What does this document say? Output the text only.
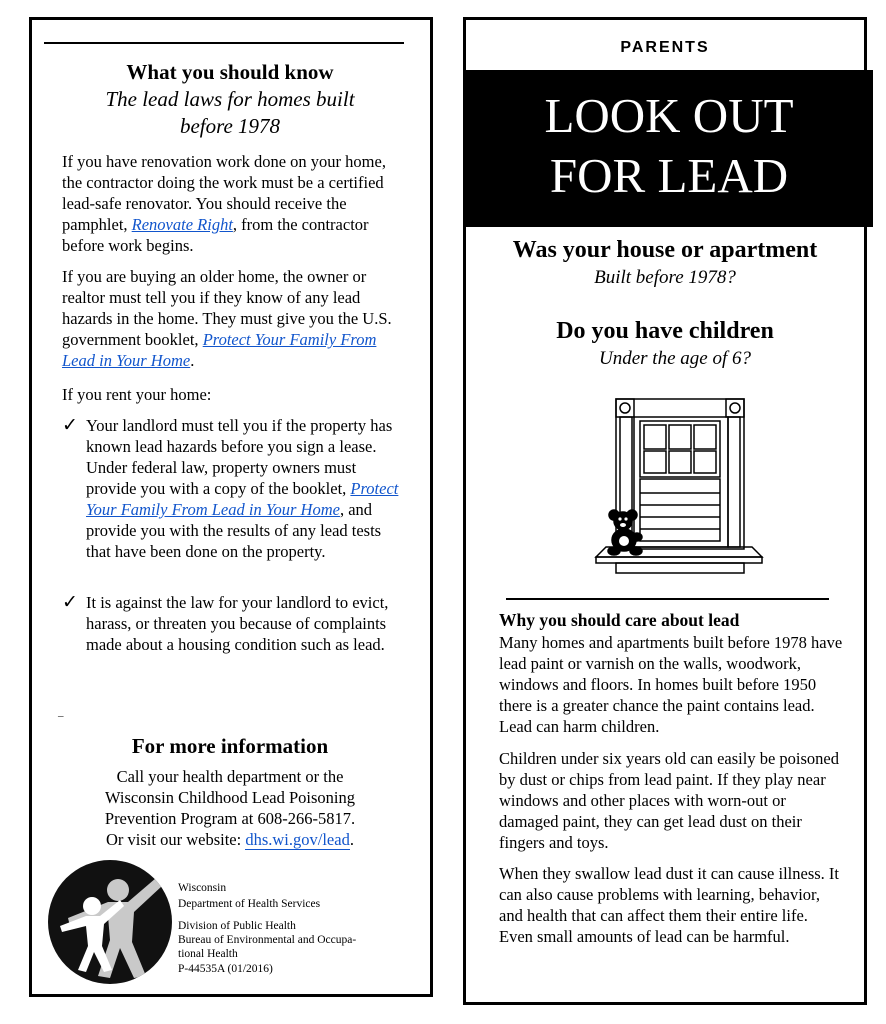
What you should know
The lead laws for homes built
before 1978

If you have renovation work done on your home, the contractor doing the work must be a certified lead-safe renovator. You should receive the pamphlet, Renovate Right, from the contractor before work begins.

If you are buying an older home, the owner or realtor must tell you if they know of any lead hazards in the home. They must give you the U.S. government booklet, Protect Your Family From Lead in Your Home.

If you rent your home:

✓ Your landlord must tell you if the property has known lead hazards before you sign a lease. Under federal law, property owners must provide you with a copy of the booklet, Protect Your Family From Lead in Your Home, and provide you with the results of any lead tests that have been done on the property.
✓ It is against the law for your landlord to evict, harass, or threaten you because of complaints made about a housing condition such as lead.
–
For more information
Call your health department or the
Wisconsin Childhood Lead Poisoning
Prevention Program at 608-266-5817.
Or visit our website: dhs.wi.gov/lead.
Wisconsin
Department of Health Services
Division of Public Health
Bureau of Environmental and Occupa-
tional Health
P-44535A (01/2016)
PARENTS
LOOK OUT
FOR LEAD
Was your house or apartment
Built before 1978?
Do you have children
Under the age of 6?
Why you should care about lead

Many homes and apartments built before 1978 have lead paint or varnish on the walls, woodwork, windows and floors. In homes built before 1950 there is a greater chance the paint contains lead. Lead can harm children.

Children under six years old can easily be poisoned by dust or chips from lead paint. If they play near windows and other places with worn-out or damaged paint, they can get lead dust on their fingers and toys.

When they swallow lead dust it can cause illness. It can also cause problems with learning, behavior, and health that can affect them their entire life. Even small amounts of lead can be harmful.
